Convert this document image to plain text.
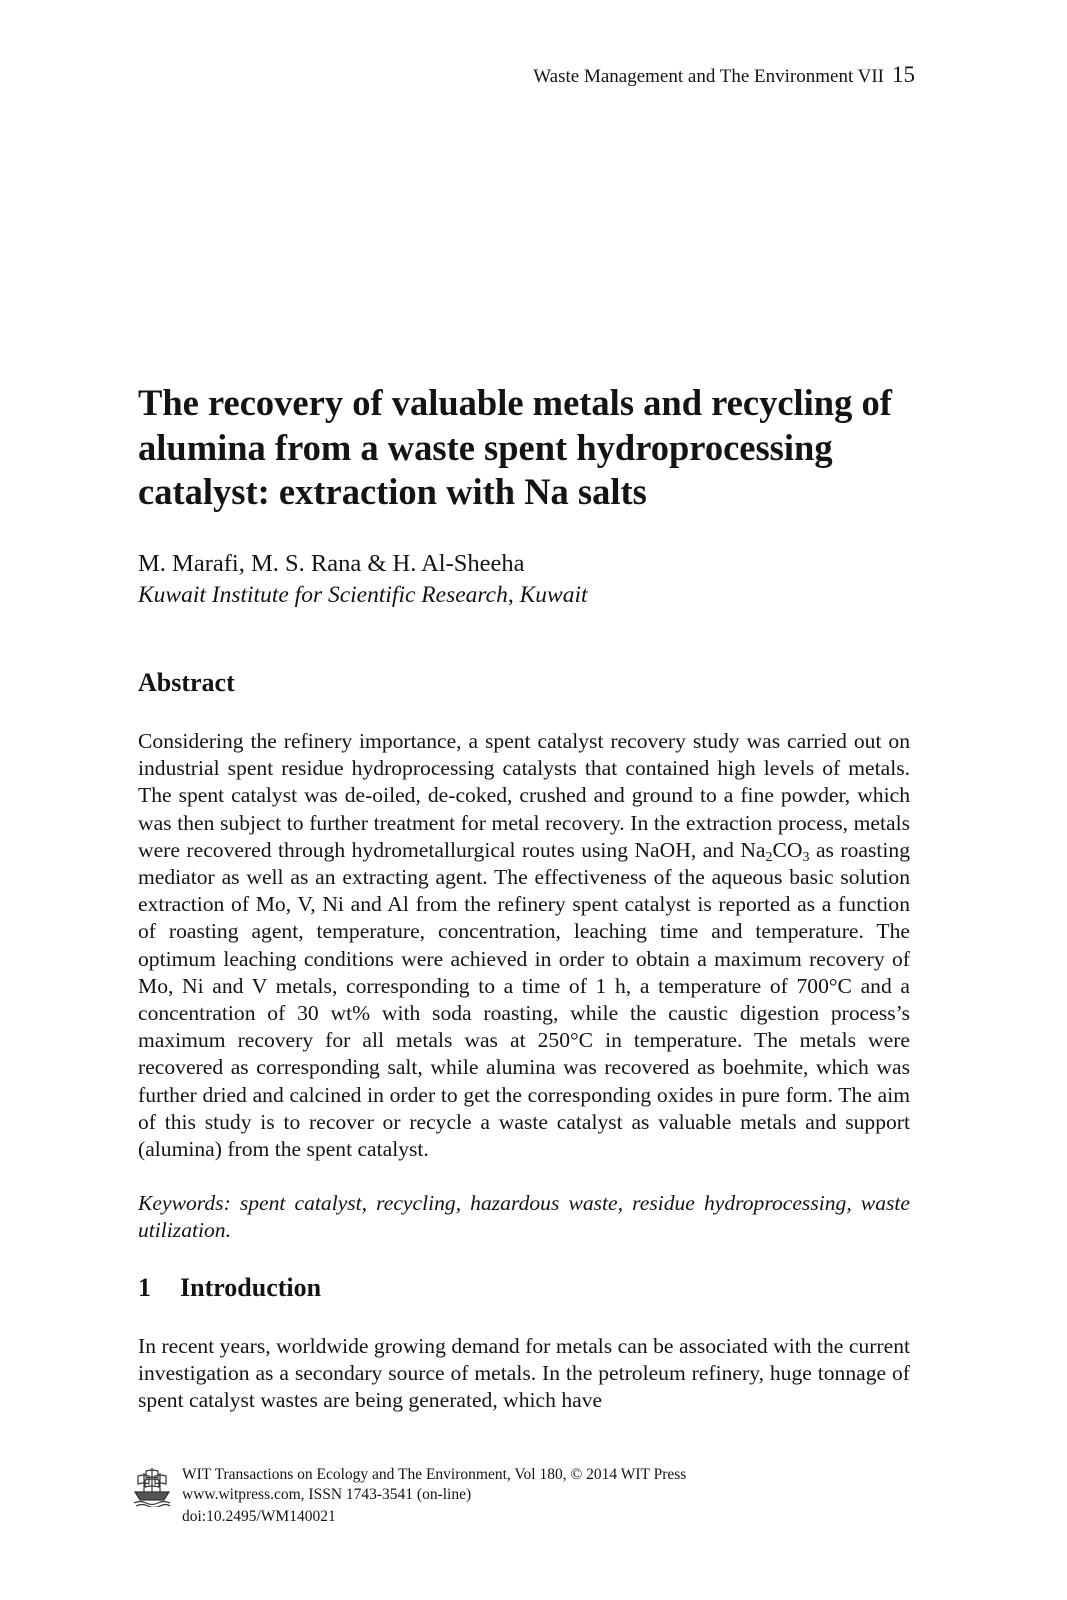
Waste Management and The Environment VII 15
The recovery of valuable metals and recycling of alumina from a waste spent hydroprocessing catalyst: extraction with Na salts
M. Marafi, M. S. Rana & H. Al-Sheeha
Kuwait Institute for Scientific Research, Kuwait
Abstract

Considering the refinery importance, a spent catalyst recovery study was carried out on industrial spent residue hydroprocessing catalysts that contained high levels of metals. The spent catalyst was de-oiled, de-coked, crushed and ground to a fine powder, which was then subject to further treatment for metal recovery. In the extraction process, metals were recovered through hydrometallurgical routes using NaOH, and $Na_2CO_3$ as roasting mediator as well as an extracting agent. The effectiveness of the aqueous basic solution extraction of Mo, V, Ni and Al from the refinery spent catalyst is reported as a function of roasting agent, temperature, concentration, leaching time and temperature. The optimum leaching conditions were achieved in order to obtain a maximum recovery of Mo, Ni and V metals, corresponding to a time of 1 h, a temperature of 700°C and a concentration of 30 wt% with soda roasting, while the caustic digestion process’s maximum recovery for all metals was at 250°C in temperature. The metals were recovered as corresponding salt, while alumina was recovered as boehmite, which was further dried and calcined in order to get the corresponding oxides in pure form. The aim of this study is to recover or recycle a waste catalyst as valuable metals and support (alumina) from the spent catalyst.

Keywords: spent catalyst, recycling, hazardous waste, residue hydroprocessing, waste utilization.

1 Introduction

In recent years, worldwide growing demand for metals can be associated with the current investigation as a secondary source of metals. In the petroleum refinery, huge tonnage of spent catalyst wastes are being generated, which have

WIT Transactions on Ecology and The Environment, Vol 180, © 2014 WIT Press
www.witpress.com, ISSN 1743-3541 (on-line)
doi:10.2495/WM140021
